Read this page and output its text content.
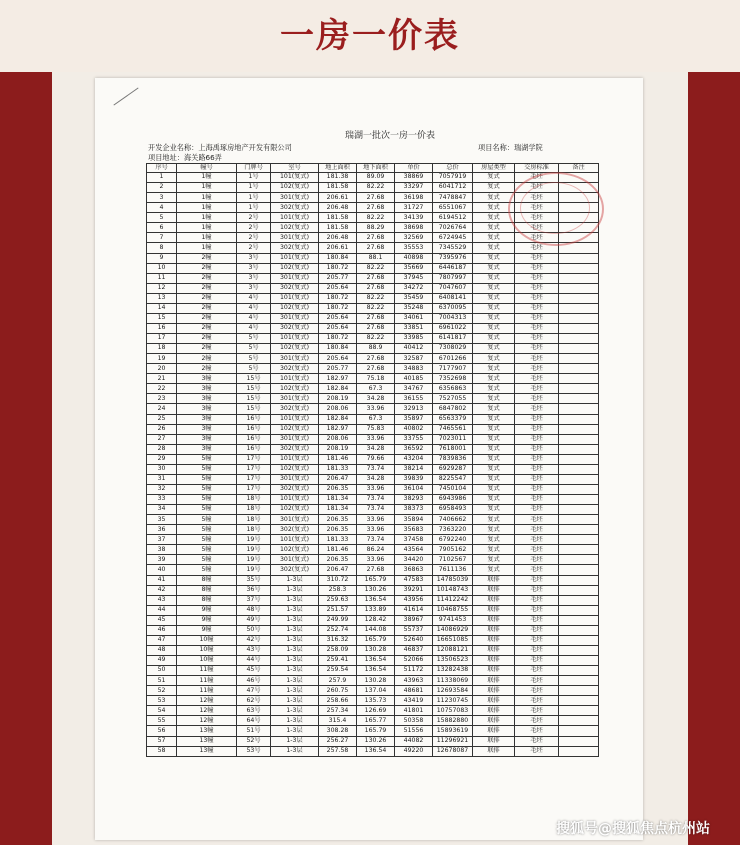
一房一价表
瑞湖一批次一房一价表
开发企业名称：上海禹琢房地产开发有限公司	项目名称：瑞湖学院
项目地址：海关路66弄
序号	幢号	门牌号	室号	地上面积	地下面积	单价	总价	房屋类型	交房标准	备注
1	1幢	1号	101(复式)	181.38	89.09	38869	7057919	复式	毛坯	
2	1幢	1号	102(复式)	181.58	82.22	33297	6041712	复式	毛坯	
3	1幢	1号	301(复式)	206.61	27.68	36198	7478847	复式	毛坯	
4	1幢	1号	302(复式)	206.48	27.68	31727	6551067	复式	毛坯	
5	1幢	2号	101(复式)	181.58	82.22	34139	6194512	复式	毛坯	
6	1幢	2号	102(复式)	181.58	88.29	38698	7026764	复式	毛坯	
7	1幢	2号	301(复式)	206.48	27.68	32569	6724945	复式	毛坯	
8	1幢	2号	302(复式)	206.61	27.68	35553	7345529	复式	毛坯	
9	2幢	3号	101(复式)	180.84	88.1	40898	7395976	复式	毛坯	
10	2幢	3号	102(复式)	180.72	82.22	35669	6446187	复式	毛坯	
11	2幢	3号	301(复式)	205.77	27.68	37945	7807997	复式	毛坯	
12	2幢	3号	302(复式)	205.64	27.68	34272	7047607	复式	毛坯	
13	2幢	4号	101(复式)	180.72	82.22	35459	6408141	复式	毛坯	
14	2幢	4号	102(复式)	180.72	82.22	35248	6370095	复式	毛坯	
15	2幢	4号	301(复式)	205.64	27.68	34061	7004313	复式	毛坯	
16	2幢	4号	302(复式)	205.64	27.68	33851	6961022	复式	毛坯	
17	2幢	5号	101(复式)	180.72	82.22	33985	6141817	复式	毛坯	
18	2幢	5号	102(复式)	180.84	88.9	40412	7308029	复式	毛坯	
19	2幢	5号	301(复式)	205.64	27.68	32587	6701266	复式	毛坯	
20	2幢	5号	302(复式)	205.77	27.68	34883	7177907	复式	毛坯	
21	3幢	15号	101(复式)	182.97	75.18	40185	7352698	复式	毛坯	
22	3幢	15号	102(复式)	182.84	67.3	34767	6356863	复式	毛坯	
23	3幢	15号	301(复式)	208.19	34.28	36155	7527055	复式	毛坯	
24	3幢	15号	302(复式)	208.06	33.96	32913	6847802	复式	毛坯	
25	3幢	16号	101(复式)	182.84	67.3	35897	6563379	复式	毛坯	
26	3幢	16号	102(复式)	182.97	75.83	40802	7465561	复式	毛坯	
27	3幢	16号	301(复式)	208.06	33.96	33755	7023011	复式	毛坯	
28	3幢	16号	302(复式)	208.19	34.28	36592	7618001	复式	毛坯	
29	5幢	17号	101(复式)	181.46	79.66	43204	7839836	复式	毛坯	
30	5幢	17号	102(复式)	181.33	73.74	38214	6929287	复式	毛坯	
31	5幢	17号	301(复式)	206.47	34.28	39839	8225547	复式	毛坯	
32	5幢	17号	302(复式)	206.35	33.96	36104	7450104	复式	毛坯	
33	5幢	18号	101(复式)	181.34	73.74	38293	6943986	复式	毛坯	
34	5幢	18号	102(复式)	181.34	73.74	38373	6958493	复式	毛坯	
35	5幢	18号	301(复式)	206.35	33.96	35894	7406662	复式	毛坯	
36	5幢	18号	302(复式)	206.35	33.96	35683	7363220	复式	毛坯	
37	5幢	19号	101(复式)	181.33	73.74	37458	6792240	复式	毛坯	
38	5幢	19号	102(复式)	181.46	86.24	43564	7905162	复式	毛坯	
39	5幢	19号	301(复式)	206.35	33.96	34420	7102567	复式	毛坯	
40	5幢	19号	302(复式)	206.47	27.68	36863	7611136	复式	毛坯	
41	8幢	35号	1-3层	310.72	165.79	47583	14785039	联排	毛坯	
42	8幢	36号	1-3层	258.3	130.26	39291	10148743	联排	毛坯	
43	8幢	37号	1-3层	259.63	136.54	43956	11412242	联排	毛坯	
44	9幢	48号	1-3层	251.57	133.89	41614	10468755	联排	毛坯	
45	9幢	49号	1-3层	249.99	128.42	38967	9741453	联排	毛坯	
46	9幢	50号	1-3层	252.74	144.08	55737	14086929	联排	毛坯	
47	10幢	42号	1-3层	316.32	165.79	52640	16651085	联排	毛坯	
48	10幢	43号	1-3层	258.09	130.28	46837	12088121	联排	毛坯	
49	10幢	44号	1-3层	259.41	136.54	52066	13506523	联排	毛坯	
50	11幢	45号	1-3层	259.54	136.54	51172	13282438	联排	毛坯	
51	11幢	46号	1-3层	257.9	130.28	43963	11338069	联排	毛坯	
52	11幢	47号	1-3层	260.75	137.04	48681	12693584	联排	毛坯	
53	12幢	62号	1-3层	258.66	135.73	43419	11230745	联排	毛坯	
54	12幢	63号	1-3层	257.34	126.69	41801	10757083	联排	毛坯	
55	12幢	64号	1-3层	315.4	165.77	50358	15882880	联排	毛坯	
56	13幢	51号	1-3层	308.28	165.79	51556	15893619	联排	毛坯	
57	13幢	52号	1-3层	256.27	130.26	44082	11296921	联排	毛坯	
58	13幢	53号	1-3层	257.58	136.54	49220	12678087	联排	毛坯	
搜狐号@搜狐焦点杭州站
